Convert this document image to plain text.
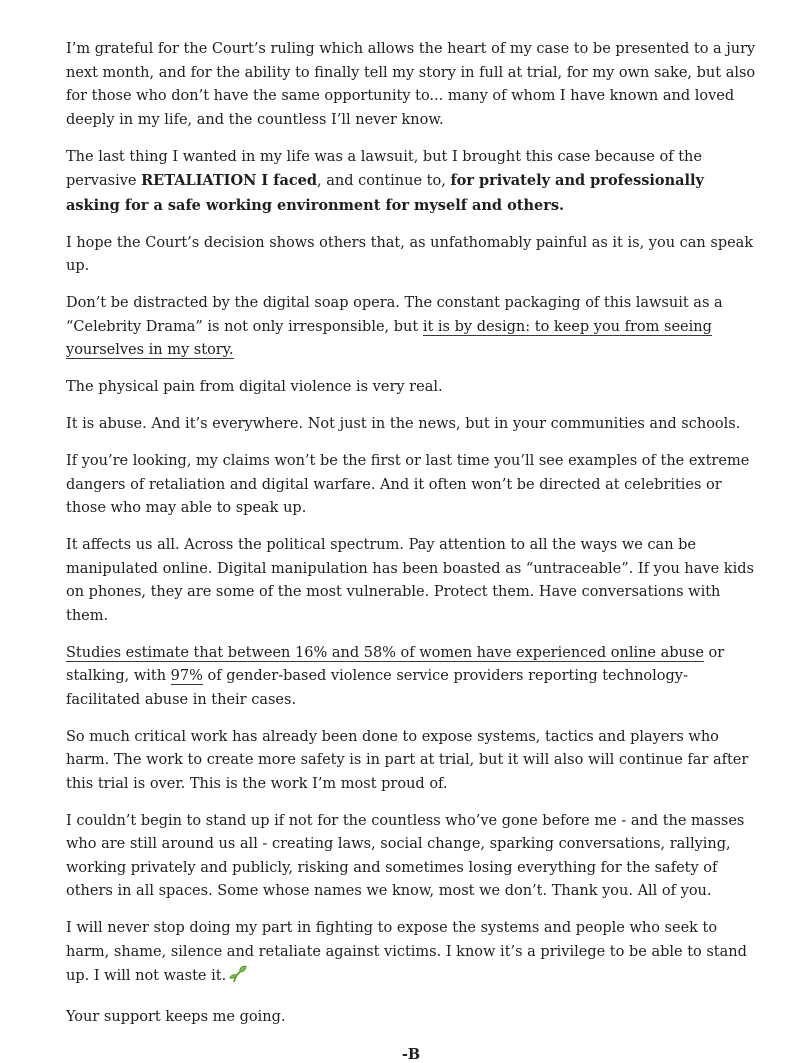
I’m grateful for the Court’s ruling which allows the heart of my case to be presented to a jury next month, and for the ability to finally tell my story in full at trial, for my own sake, but also for those who don’t have the same opportunity to... many of whom I have known and loved deeply in my life, and the countless I’ll never know.

The last thing I wanted in my life was a lawsuit, but I brought this case because of the pervasive RETALIATION I faced, and continue to, for privately and professionally asking for a safe working environment for myself and others.

I hope the Court’s decision shows others that, as unfathomably painful as it is, you can speak up.

Don’t be distracted by the digital soap opera. The constant packaging of this lawsuit as a “Celebrity Drama” is not only irresponsible, but it is by design: to keep you from seeing yourselves in my story.

The physical pain from digital violence is very real.

It is abuse. And it’s everywhere. Not just in the news, but in your communities and schools.

If you’re looking, my claims won’t be the first or last time you’ll see examples of the extreme dangers of retaliation and digital warfare. And it often won’t be directed at celebrities or those who may able to speak up.

It affects us all. Across the political spectrum. Pay attention to all the ways we can be manipulated online. Digital manipulation has been boasted as “untraceable”. If you have kids on phones, they are some of the most vulnerable. Protect them. Have conversations with them.

Studies estimate that between 16% and 58% of women have experienced online abuse or stalking, with 97% of gender-based violence service providers reporting technology-facilitated abuse in their cases.

So much critical work has already been done to expose systems, tactics and players who harm. The work to create more safety is in part at trial, but it will also will continue far after this trial is over. This is the work I’m most proud of.

I couldn’t begin to stand up if not for the countless who’ve gone before me - and the masses who are still around us all - creating laws, social change, sparking conversations, rallying, working privately and publicly, risking and sometimes losing everything for the safety of others in all spaces. Some whose names we know, most we don’t. Thank you. All of you.

I will never stop doing my part in fighting to expose the systems and people who seek to harm, shame, silence and retaliate against victims. I know it’s a privilege to be able to stand up. I will not waste it.

Your support keeps me going.

-B
